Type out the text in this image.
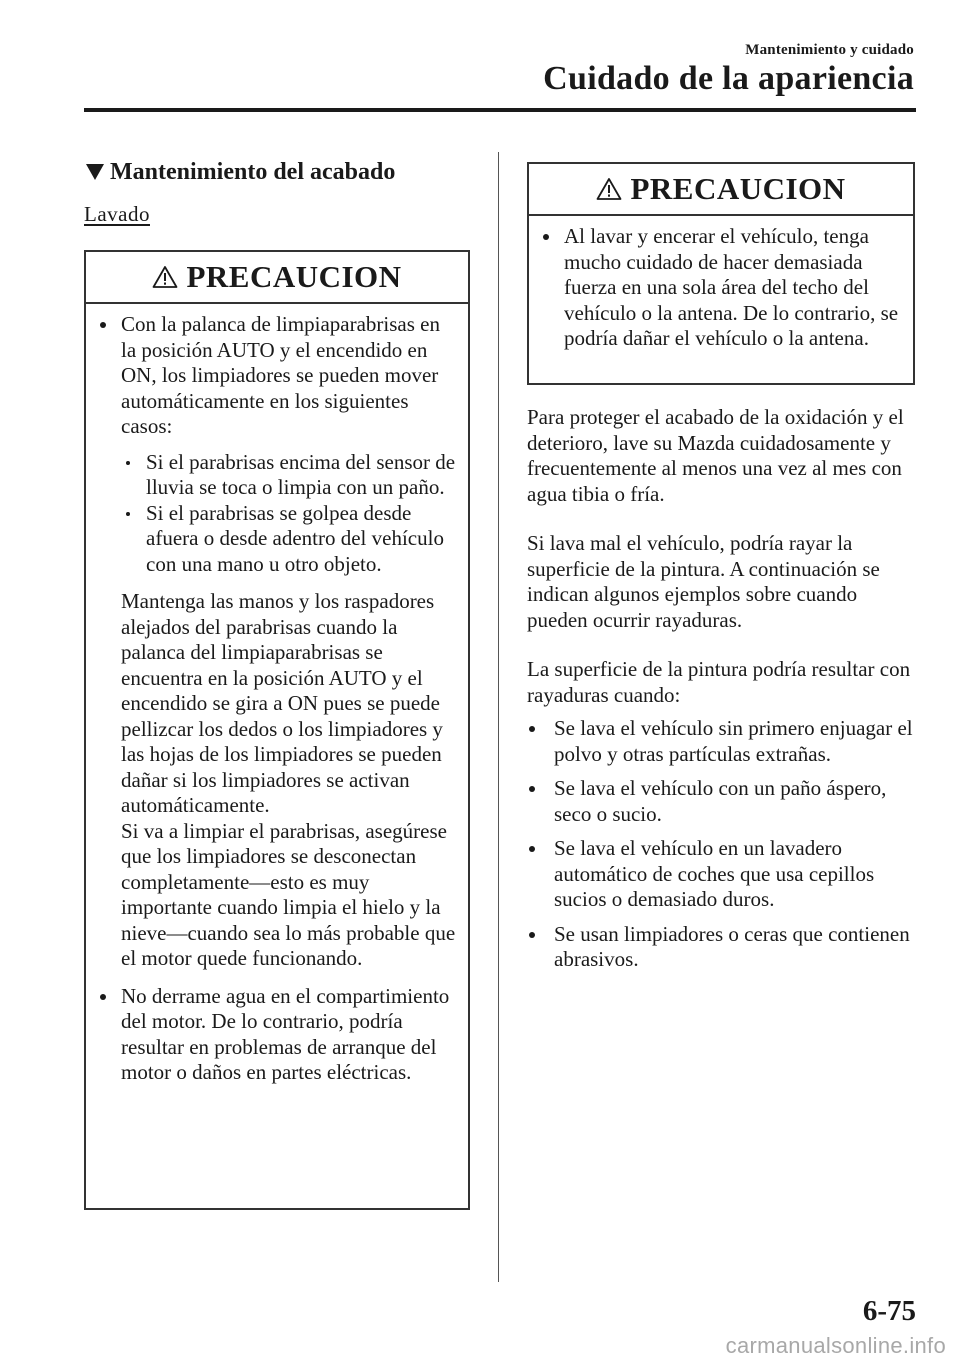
Mantenimiento y cuidado
Cuidado de la apariencia
Mantenimiento del acabado
Lavado
PRECAUCION
Con la palanca de limpiaparabrisas en la posición AUTO y el encendido en ON, los limpiadores se pueden mover automáticamente en los siguientes casos:
Si el parabrisas encima del sensor de lluvia se toca o limpia con un paño.
Si el parabrisas se golpea desde afuera o desde adentro del vehículo con una mano u otro objeto.
Mantenga las manos y los raspadores alejados del parabrisas cuando la palanca del limpiaparabrisas se encuentra en la posición AUTO y el encendido se gira a ON pues se puede pellizcar los dedos o los limpiadores y las hojas de los limpiadores se pueden dañar si los limpiadores se activan automáticamente.
Si va a limpiar el parabrisas, asegúrese que los limpiadores se desconectan completamente―esto es muy importante cuando limpia el hielo y la nieve―cuando sea lo más probable que el motor quede funcionando.
No derrame agua en el compartimiento del motor. De lo contrario, podría resultar en problemas de arranque del motor o daños en partes eléctricas.
PRECAUCION
Al lavar y encerar el vehículo, tenga mucho cuidado de hacer demasiada fuerza en una sola área del techo del vehículo o la antena. De lo contrario, se podría dañar el vehículo o la antena.
Para proteger el acabado de la oxidación y el deterioro, lave su Mazda cuidadosamente y frecuentemente al menos una vez al mes con agua tibia o fría.
Si lava mal el vehículo, podría rayar la superficie de la pintura. A continuación se indican algunos ejemplos sobre cuando pueden ocurrir rayaduras.
La superficie de la pintura podría resultar con rayaduras cuando:
Se lava el vehículo sin primero enjuagar el polvo y otras partículas extrañas.
Se lava el vehículo con un paño áspero, seco o sucio.
Se lava el vehículo en un lavadero automático de coches que usa cepillos sucios o demasiado duros.
Se usan limpiadores o ceras que contienen abrasivos.
6-75
carmanualsonline.info
